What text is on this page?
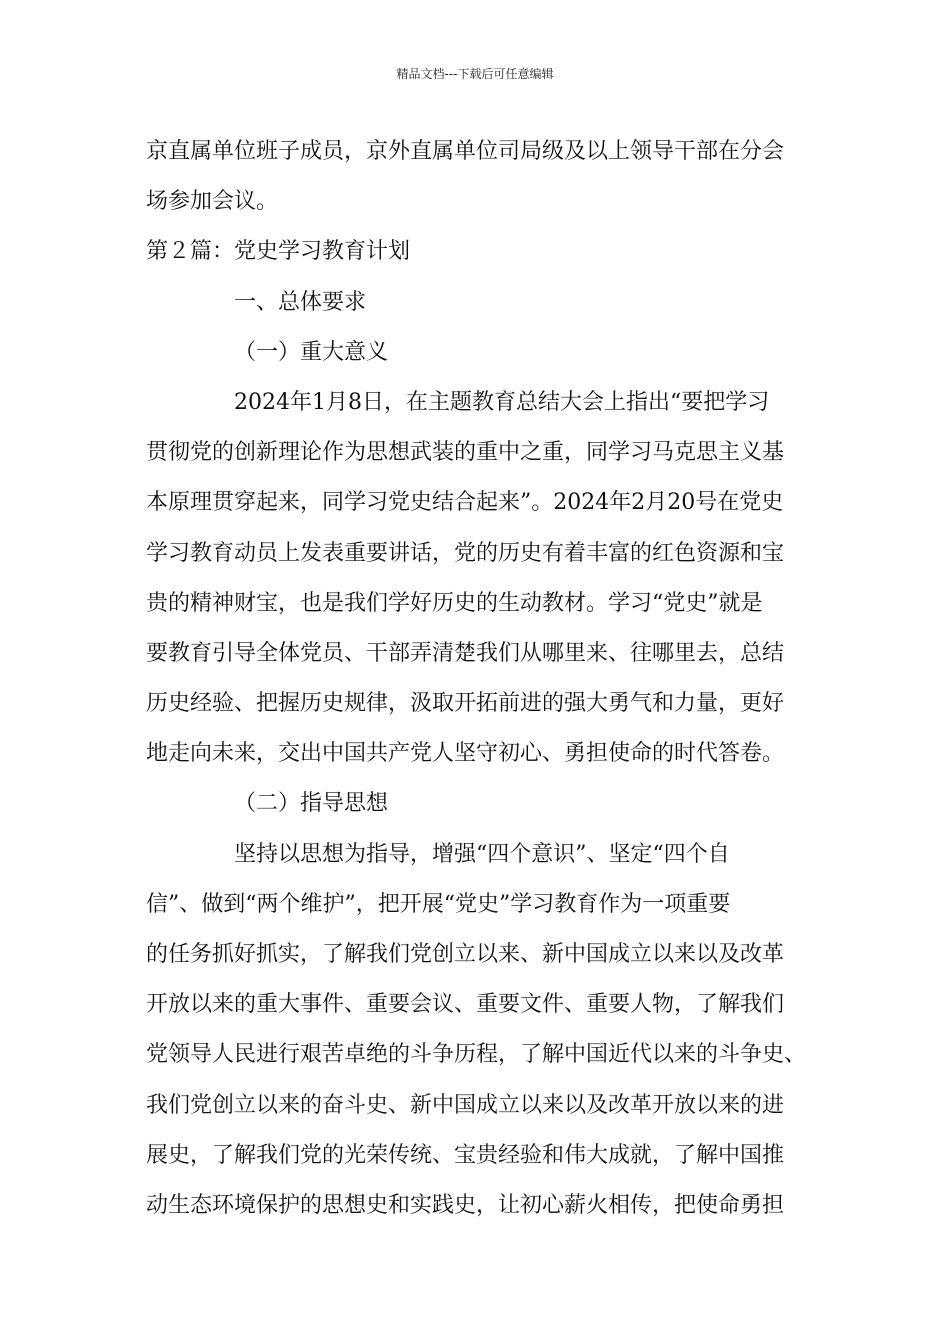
精品文档---下载后可任意编辑
京直属单位班子成员，京外直属单位司局级及以上领导干部在分会
场参加会议。
第２篇：党史学习教育计划
一、总体要求
（一）重大意义
2024年1月8日，在主题教育总结大会上指出“要把学习
贯彻党的创新理论作为思想武装的重中之重，同学习马克思主义基
本原理贯穿起来，同学习党史结合起来”。2024年2月20号在党史
学习教育动员上发表重要讲话，党的历史有着丰富的红色资源和宝
贵的精神财宝，也是我们学好历史的生动教材。学习“党史”就是
要教育引导全体党员、干部弄清楚我们从哪里来、往哪里去，总结
历史经验、把握历史规律，汲取开拓前进的强大勇气和力量，更好
地走向未来，交出中国共产党人坚守初心、勇担使命的时代答卷。
（二）指导思想
坚持以思想为指导，增强“四个意识”、坚定“四个自
信”、做到“两个维护”，把开展“党史”学习教育作为一项重要
的任务抓好抓实，了解我们党创立以来、新中国成立以来以及改革
开放以来的重大事件、重要会议、重要文件、重要人物，了解我们
党领导人民进行艰苦卓绝的斗争历程，了解中国近代以来的斗争史、
我们党创立以来的奋斗史、新中国成立以来以及改革开放以来的进
展史，了解我们党的光荣传统、宝贵经验和伟大成就，了解中国推
动生态环境保护的思想史和实践史，让初心薪火相传，把使命勇担
